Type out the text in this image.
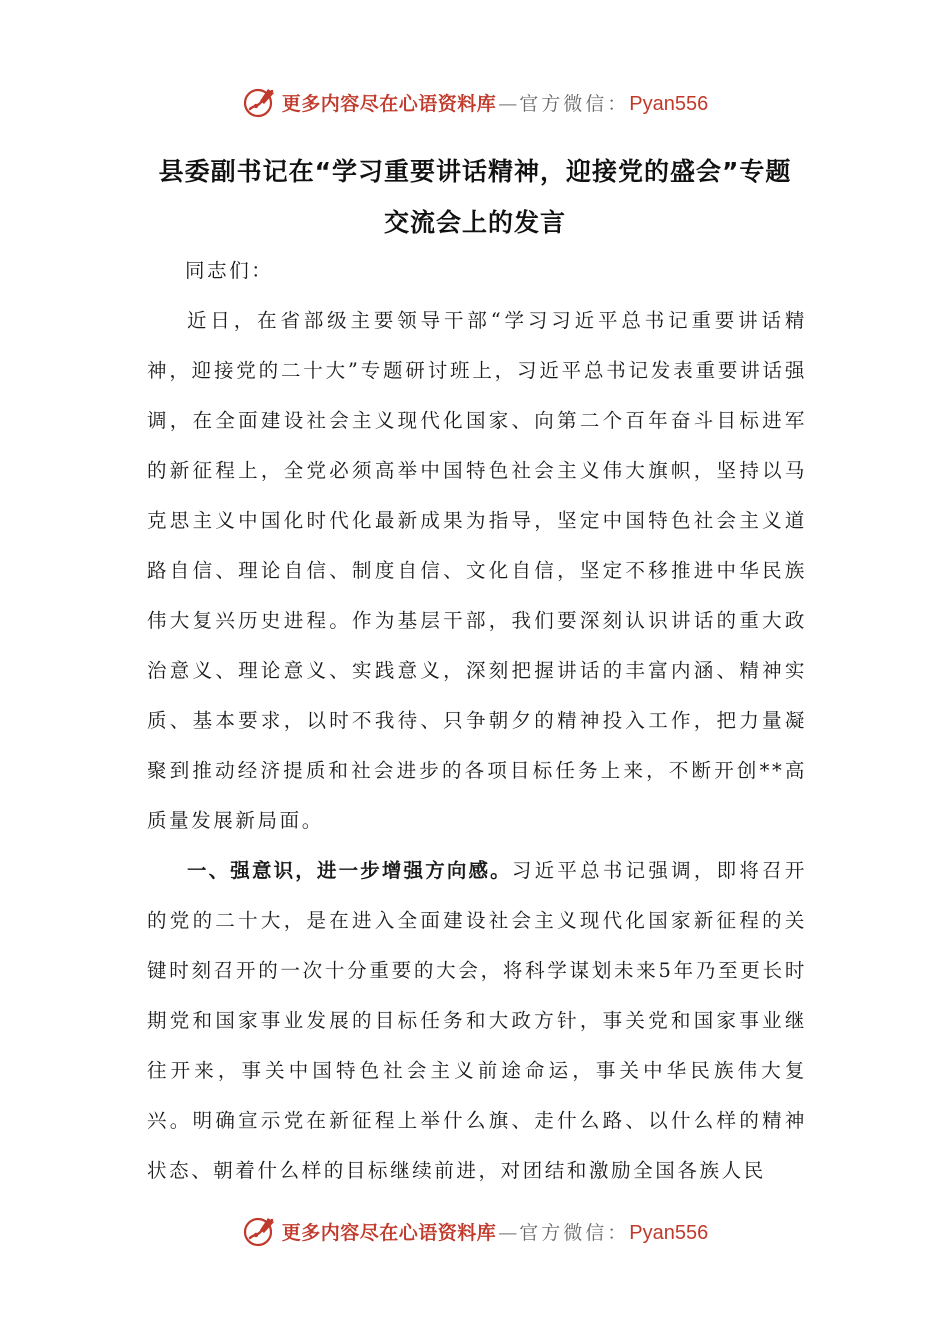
更多内容尽在心语资料库 — 官方微信： Pyan556
县委副书记在“学习重要讲话精神，迎接党的盛会”专题
交流会上的发言

同志们：

近日，在省部级主要领导干部“学习习近平总书记重要讲话精神，迎接党的二十大”专题研讨班上，习近平总书记发表重要讲话强调，在全面建设社会主义现代化国家、向第二个百年奋斗目标进军的新征程上，全党必须高举中国特色社会主义伟大旗帜，坚持以马克思主义中国化时代化最新成果为指导，坚定中国特色社会主义道路自信、理论自信、制度自信、文化自信，坚定不移推进中华民族伟大复兴历史进程。作为基层干部，我们要深刻认识讲话的重大政治意义、理论意义、实践意义，深刻把握讲话的丰富内涵、精神实质、基本要求，以时不我待、只争朝夕的精神投入工作，把力量凝聚到推动经济提质和社会进步的各项目标任务上来，不断开创**高质量发展新局面。

一、强意识，进一步增强方向感。习近平总书记强调，即将召开的党的二十大，是在进入全面建设社会主义现代化国家新征程的关键时刻召开的一次十分重要的大会，将科学谋划未来5年乃至更长时期党和国家事业发展的目标任务和大政方针，事关党和国家事业继往开来，事关中国特色社会主义前途命运，事关中华民族伟大复兴。明确宣示党在新征程上举什么旗、走什么路、以什么样的精神状态、朝着什么样的目标继续前进，对团结和激励全国各族人民

更多内容尽在心语资料库 — 官方微信： Pyan556
